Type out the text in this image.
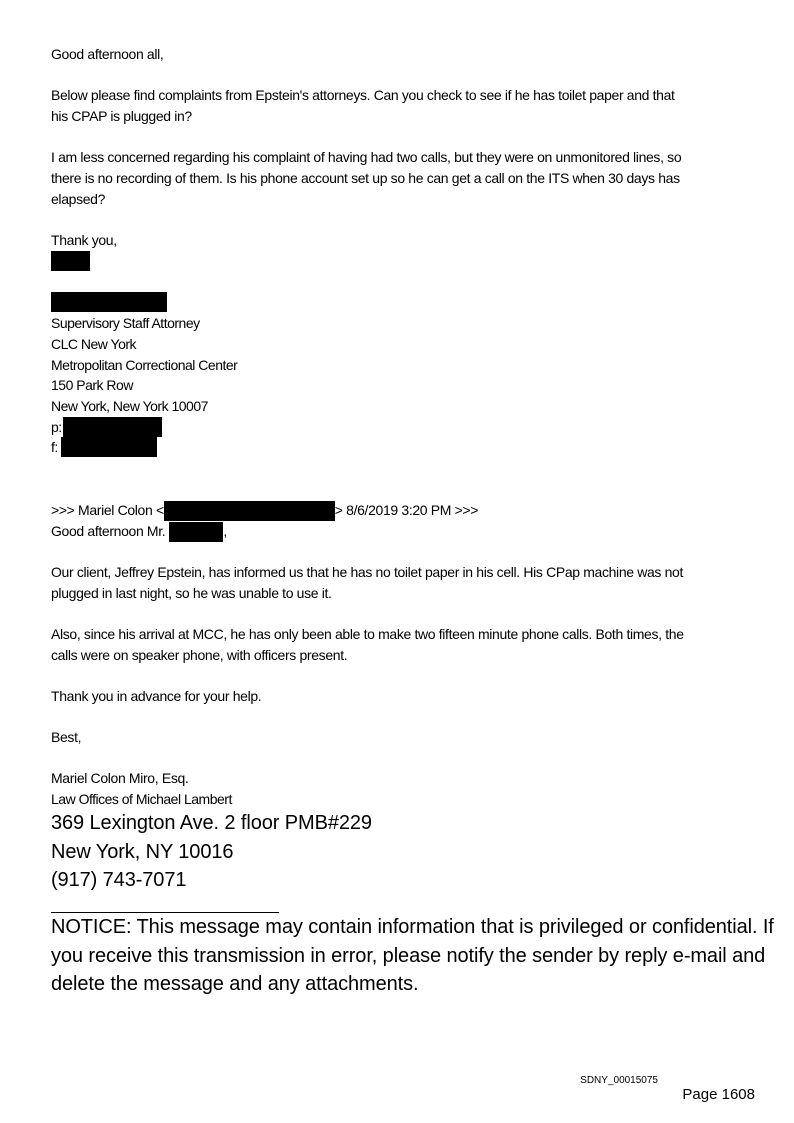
Good afternoon all,
Below please find complaints from Epstein's attorneys. Can you check to see if he has toilet paper and that
his CPAP is plugged in?
I am less concerned regarding his complaint of having had two calls, but they were on unmonitored lines, so
there is no recording of them. Is his phone account set up so he can get a call on the ITS when 30 days has
elapsed?
Thank you,
Supervisory Staff Attorney
CLC New York
Metropolitan Correctional Center
150 Park Row
New York, New York 10007
p:
f:
>>> Mariel Colon <	> 8/6/2019 3:20 PM >>>
Good afternoon Mr.	,
Our client, Jeffrey Epstein, has informed us that he has no toilet paper in his cell. His CPap machine was not
plugged in last night, so he was unable to use it.
Also, since his arrival at MCC, he has only been able to make two fifteen minute phone calls. Both times, the
calls were on speaker phone, with officers present.
Thank you in advance for your help.
Best,
Mariel Colon Miro, Esq.
Law Offices of Michael Lambert
369 Lexington Ave. 2 floor PMB#229
New York, NY 10016
(917) 743-7071
NOTICE: This message may contain information that is privileged or confidential. If
you receive this transmission in error, please notify the sender by reply e-mail and
delete the message and any attachments.
SDNY_00015075
Page 1608
